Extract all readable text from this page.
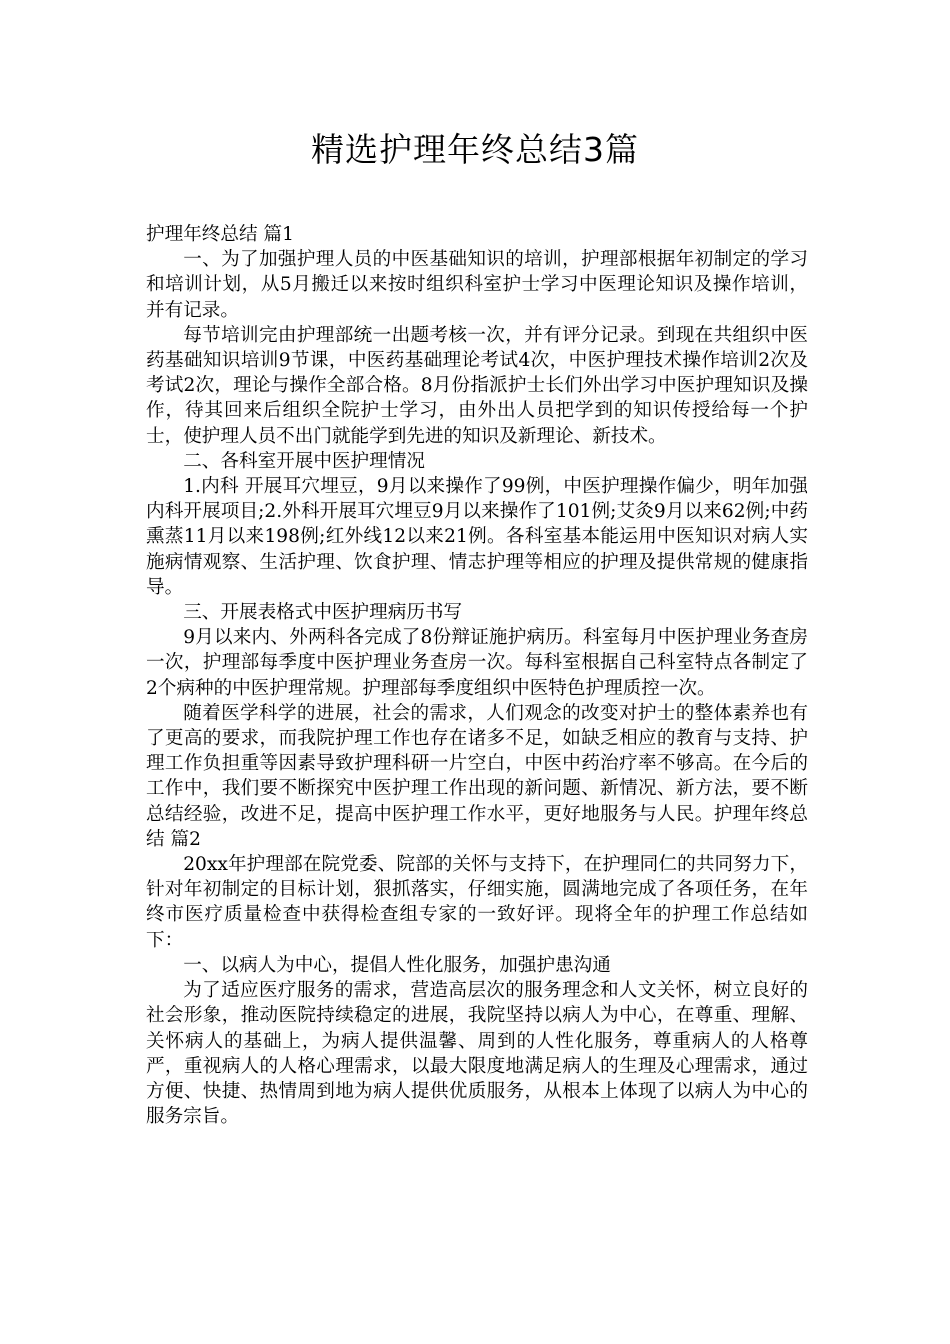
精选护理年终总结3篇

护理年终总结 篇1

一、为了加强护理人员的中医基础知识的培训，护理部根据年初制定的学习和培训计划，从5月搬迁以来按时组织科室护士学习中医理论知识及操作培训，并有记录。

每节培训完由护理部统一出题考核一次，并有评分记录。到现在共组织中医药基础知识培训9节课，中医药基础理论考试4次，中医护理技术操作培训2次及考试2次，理论与操作全部合格。8月份指派护士长们外出学习中医护理知识及操作，待其回来后组织全院护士学习，由外出人员把学到的知识传授给每一个护士，使护理人员不出门就能学到先进的知识及新理论、新技术。

二、各科室开展中医护理情况

1.内科 开展耳穴埋豆，9月以来操作了99例，中医护理操作偏少，明年加强内科开展项目;2.外科开展耳穴埋豆9月以来操作了101例;艾灸9月以来62例;中药熏蒸11月以来198例;红外线12以来21例。各科室基本能运用中医知识对病人实施病情观察、生活护理、饮食护理、情志护理等相应的护理及提供常规的健康指导。

三、开展表格式中医护理病历书写

9月以来内、外两科各完成了8份辩证施护病历。科室每月中医护理业务查房一次，护理部每季度中医护理业务查房一次。每科室根据自己科室特点各制定了2个病种的中医护理常规。护理部每季度组织中医特色护理质控一次。

随着医学科学的进展，社会的需求，人们观念的改变对护士的整体素养也有了更高的要求，而我院护理工作也存在诸多不足，如缺乏相应的教育与支持、护理工作负担重等因素导致护理科研一片空白，中医中药治疗率不够高。在今后的工作中，我们要不断探究中医护理工作出现的新问题、新情况、新方法，要不断总结经验，改进不足，提高中医护理工作水平，更好地服务与人民。护理年终总结 篇2

20xx年护理部在院党委、院部的关怀与支持下，在护理同仁的共同努力下，针对年初制定的目标计划，狠抓落实，仔细实施，圆满地完成了各项任务，在年终市医疗质量检查中获得检查组专家的一致好评。现将全年的护理工作总结如下：

一、以病人为中心，提倡人性化服务，加强护患沟通

为了适应医疗服务的需求，营造高层次的服务理念和人文关怀，树立良好的社会形象，推动医院持续稳定的进展，我院坚持以病人为中心，在尊重、理解、关怀病人的基础上，为病人提供温馨、周到的人性化服务，尊重病人的人格尊严，重视病人的人格心理需求，以最大限度地满足病人的生理及心理需求，通过方便、快捷、热情周到地为病人提供优质服务，从根本上体现了以病人为中心的服务宗旨。
